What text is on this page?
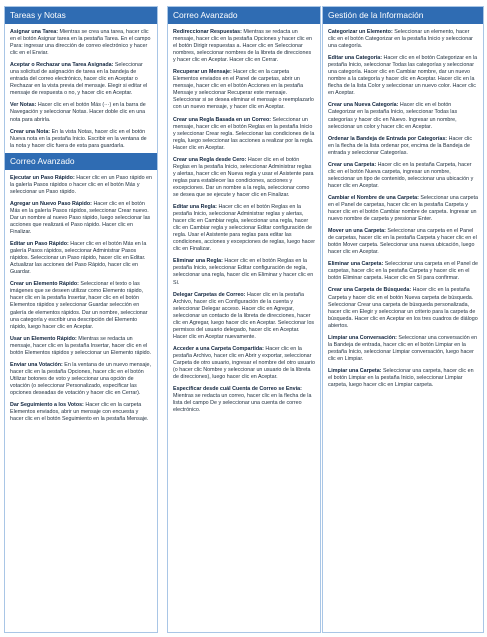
Tareas y Notas

Asignar una Tarea: Mientras se crea una tarea, hacer clic en el botón Asignar tarea en la pestaña Tarea. En el campo Para: ingresar una dirección de correo electrónico y hacer clic en el Enviar.

Aceptar o Rechazar una Tarea Asignada: Seleccionar una solicitud de asignación de tarea en la bandeja de entrada del correo electrónico, hacer clic en Aceptar o Rechazar en la vista previa del mensaje. Elegir si editar el mensaje de respuesta o no, y hacer clic en Aceptar.

Ver Notas: Hacer clic en el botón Más (···) en la barra de Navegación y seleccionar Notas. Hacer doble clic en una nota para abrirla.

Crear una Nota: En la vista Notas, hacer clic en el botón Nueva nota en la pestaña Inicio. Escribir en la ventana de la nota y hacer clic fuera de esta para guardarla.

Correo Avanzado

Ejecutar un Paso Rápido: Hacer clic en un Paso rápido en la galería Pasos rápidos o hacer clic en el botón Más y seleccionar un Paso rápido.

Agregar un Nuevo Paso Rápido: Hacer clic en el botón Más en la galería Pasos rápidos, seleccionar Crear nuevo. Dar un nombre al nuevo Paso rápido, luego seleccionar las acciones que realizará el Paso rápido. Hacer clic en Finalizar.

Editar un Paso Rápido: Hacer clic en el botón Más en la galería Pasos rápidos, seleccionar Administrar Pasos rápidos. Seleccionar un Paso rápido, hacer clic en Editar. Actualizar las acciones del Paso Rápido, hacer clic en Guardar.

Crear un Elemento Rápido: Seleccionar el texto o las imágenes que se deseen utilizar como Elemento rápido, hacer clic en la pestaña Insertar, hacer clic en el botón Elementos rápidos y seleccionar Guardar selección en galería de elementos rápidos. Dar un nombre, seleccionar una categoría y escribir una descripción del Elemento rápido, luego hacer clic en Aceptar.

Usar un Elemento Rápido: Mientras se redacta un mensaje, hacer clic en la pestaña Insertar, hacer clic en el botón Elementos rápidos y seleccionar un Elemento rápido.

Enviar una Votación: En la ventana de un nuevo mensaje, hacer clic en la pestaña Opciones, hacer clic en el botón Utilizar botones de voto y seleccionar una opción de votación (o seleccionar Personalizado, especificar las opciones deseadas de votación y hacer clic en Cerrar).

Dar Seguimiento a los Votos: Hacer clic en la carpeta Elementos enviados, abrir un mensaje con encuesta y hacer clic en el botón Seguimiento en la pestaña Mensaje.

Correo Avanzado

Redireccionar Respuestas: Mientras se redacta un mensaje, hacer clic en la pestaña Opciones y hacer clic en el botón Dirigir respuestas a. Hacer clic en Seleccionar nombres, seleccionar nombres de la libreta de direcciones y hacer clic en Aceptar. Hacer clic en Cerrar.

Recuperar un Mensaje: Hacer clic en la carpeta Elementos enviados en el Panel de carpetas, abrir un mensaje, hacer clic en el botón Acciones en la pestaña Mensaje y seleccionar Recuperar este mensaje. Seleccionar si se desea eliminar el mensaje o reemplazarlo con un nuevo mensaje, y hacer clic en Aceptar.

Crear una Regla Basada en un Correo: Seleccionar un mensaje, hacer clic en el botón Reglas en la pestaña Inicio y seleccionar Crear regla. Seleccionar las condiciones de la regla, luego seleccionar las acciones a realizar por la regla. Hacer clic en Aceptar.

Crear una Regla desde Cero: Hacer clic en el botón Reglas en la pestaña Inicio, seleccionar Administrar reglas y alertas, hacer clic en Nueva regla y usar el Asistente para reglas para establecer las condiciones, acciones y excepciones. Dar un nombre a la regla, seleccionar como se desea que se ejecute y hacer clic en Finalizar.

Editar una Regla: Hacer clic en el botón Reglas en la pestaña Inicio, seleccionar Administrar reglas y alertas, hacer clic en Cambiar regla, seleccionar una regla, hacer clic en Cambiar regla y seleccionar Editar configuración de regla. Usar el Asistente para reglas para editar las condiciones, acciones y excepciones de reglas, luego hacer clic en Finalizar.

Eliminar una Regla: Hacer clic en el botón Reglas en la pestaña Inicio, seleccionar Editar configuración de regla, seleccionar una regla, hacer clic en Eliminar y hacer clic en Sí.

Delegar Carpetas de Correo: Hacer clic en la pestaña Archivo, hacer clic en Configuración de la cuenta y seleccionar Delegar acceso. Hacer clic en Agregar, seleccionar un contacto de la libreta de direcciones, hacer clic en Agregar, luego hacer clic en Aceptar. Seleccionar los permisos del usuario delegado, hacer clic en Aceptar. Hacer clic en Aceptar nuevamente.

Acceder a una Carpeta Compartida: Hacer clic en la pestaña Archivo, hacer clic en Abrir y exportar, seleccionar Carpeta de otro usuario, ingresar el nombre del otro usuario (o hacer clic Nombre y seleccionar un usuario de la libreta de direcciones), luego hacer clic en Aceptar.

Especificar desde cuál Cuenta de Correo se Envía: Mientras se redacta un correo, hacer clic en la flecha de la lista del campo De y seleccionar una cuenta de correo electrónico.

Gestión de la Información

Categorizar un Elemento: Seleccionar un elemento, hacer clic en el botón Categorizar en la pestaña Inicio y seleccionar una categoría.

Editar una Categoría: Hacer clic en el botón Categorizar en la pestaña Inicio, seleccionar Todas las categorías y seleccionar una categoría. Hacer clic en Cambiar nombre, dar un nuevo nombre a la categoría y hacer clic en Aceptar. Hacer clic en la flecha de la lista Color y seleccionar un nuevo color. Hacer clic en Aceptar.

Crear una Nueva Categoría: Hacer clic en el botón Categorizar en la pestaña Inicio, seleccionar Todas las categorías y hacer clic en Nuevo. Ingresar un nombre, seleccionar un color y hacer clic en Aceptar.

Ordenar la Bandeja de Entrada por Categorías: Hacer clic en la flecha de la lista ordenar por, encima de la Bandeja de entrada y seleccionar Categorías.

Crear una Carpeta: Hacer clic en la pestaña Carpeta, hacer clic en el botón Nueva carpeta, ingresar un nombre, seleccionar un tipo de contenido, seleccionar una ubicación y hacer clic en Aceptar.

Cambiar el Nombre de una Carpeta: Seleccionar una carpeta en el Panel de carpetas, hacer clic en la pestaña Carpeta y hacer clic en el botón Cambiar nombre de carpeta. Ingresar un nuevo nombre de carpeta y presionar Enter.

Mover un una Carpeta: Seleccionar una carpeta en el Panel de carpetas, hacer clic en la pestaña Carpeta y hacer clic en el botón Mover carpeta. Seleccionar una nueva ubicación, luego hacer clic en Aceptar.

Eliminar una Carpeta: Seleccionar una carpeta en el Panel de carpetas, hacer clic en la pestaña Carpeta y hacer clic en el botón Eliminar carpeta. Hacer clic en Sí para confirmar.

Crear una Carpeta de Búsqueda: Hacer clic en la pestaña Carpeta y hacer clic en el botón Nueva carpeta de búsqueda. Seleccionar Crear una carpeta de búsqueda personalizada, hacer clic en Elegir y seleccionar un criterio para la carpeta de búsqueda. Hacer clic en Aceptar en los tres cuadros de diálogo abiertos.

Limpiar una Conversación: Seleccionar una conversación en la Bandeja de entrada, hacer clic en el botón Limpiar en la pestaña Inicio, seleccionar Limpiar conversación, luego hacer clic en Limpiar.

Limpiar una Carpeta: Seleccionar una carpeta, hacer clic en el botón Limpiar en la pestaña Inicio, seleccionar Limpiar carpeta, luego hacer clic en Limpiar carpeta.
